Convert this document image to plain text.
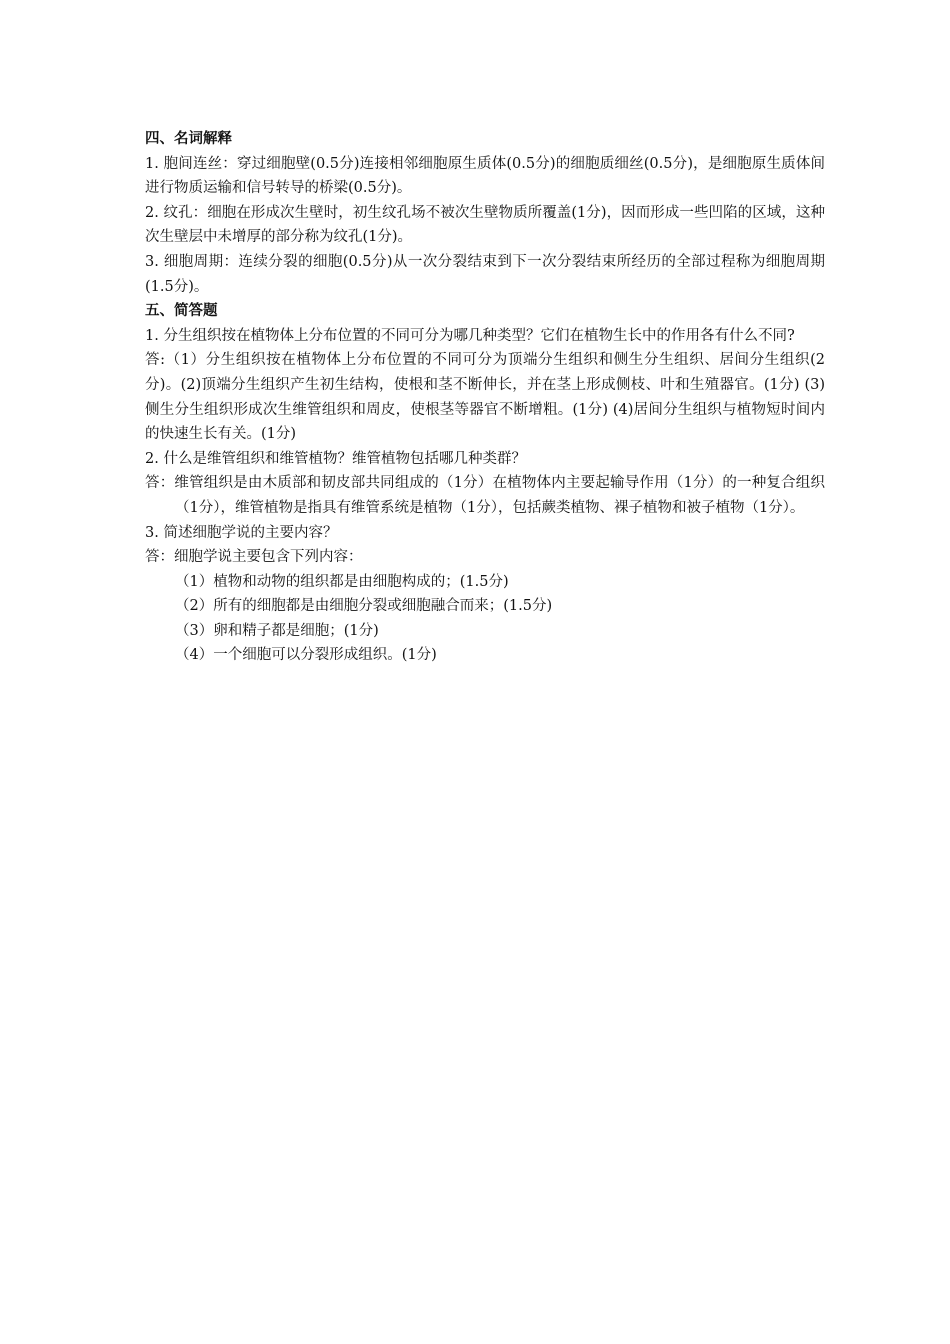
四、名词解释

1. 胞间连丝：穿过细胞壁(0.5分)连接相邻细胞原生质体(0.5分)的细胞质细丝(0.5分)，是细胞原生质体间进行物质运输和信号转导的桥梁(0.5分)。

2. 纹孔：细胞在形成次生壁时，初生纹孔场不被次生壁物质所覆盖(1分)，因而形成一些凹陷的区域，这种次生壁层中未增厚的部分称为纹孔(1分)。

3. 细胞周期：连续分裂的细胞(0.5分)从一次分裂结束到下一次分裂结束所经历的全部过程称为细胞周期(1.5分)。

五、简答题

1. 分生组织按在植物体上分布位置的不同可分为哪几种类型？它们在植物生长中的作用各有什么不同?

答:（1）分生组织按在植物体上分布位置的不同可分为顶端分生组织和侧生分生组织、居间分生组织(2分)。(2)顶端分生组织产生初生结构，使根和茎不断伸长，并在茎上形成侧枝、叶和生殖器官。(1分) (3)侧生分生组织形成次生维管组织和周皮，使根茎等器官不断增粗。(1分) (4)居间分生组织与植物短时间内的快速生长有关。(1分)

2. 什么是维管组织和维管植物？维管植物包括哪几种类群？

答：维管组织是由木质部和韧皮部共同组成的（1分）在植物体内主要起输导作用（1分）的一种复合组织（1分），维管植物是指具有维管系统是植物（1分），包括蕨类植物、裸子植物和被子植物（1分）。

3. 简述细胞学说的主要内容？

答：细胞学说主要包含下列内容：

（1）植物和动物的组织都是由细胞构成的；(1.5分)

（2）所有的细胞都是由细胞分裂或细胞融合而来；(1.5分)

（3）卵和精子都是细胞；(1分)

（4）一个细胞可以分裂形成组织。(1分)
